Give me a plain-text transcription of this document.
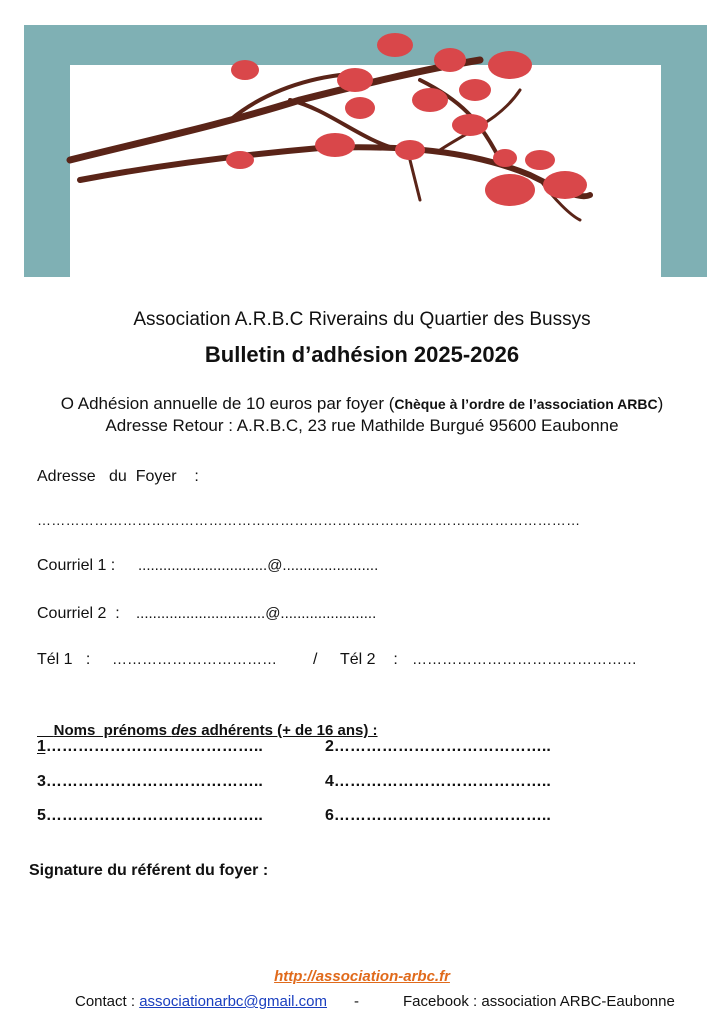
Association A.R.B.C Riverains du Quartier des Bussys
Bulletin d’adhésion 2025-2026
O Adhésion annuelle de 10 euros par foyer (Chèque à l’ordre de l’association ARBC)
Adresse Retour : A.R.B.C, 23 rue Mathilde Burgué 95600 Eaubonne
Adresse   du  Foyer    :
……………………………………………………………………………………………………
Courriel 1 : ...............................@.......................
Courriel 2  : ...............................@.......................
Tél 1   : …………………………… / Tél 2    : ………………………………………

Noms  prénoms des adhérents (+ de 16 ans) :

1…………………………………..	2…………………………………..
3…………………………………..	4…………………………………..
5…………………………………..	6…………………………………..
Signature du référent du foyer :
http://association-arbc.fr
Contact : associationarbc@gmail.com -	Facebook : association ARBC-Eaubonne
